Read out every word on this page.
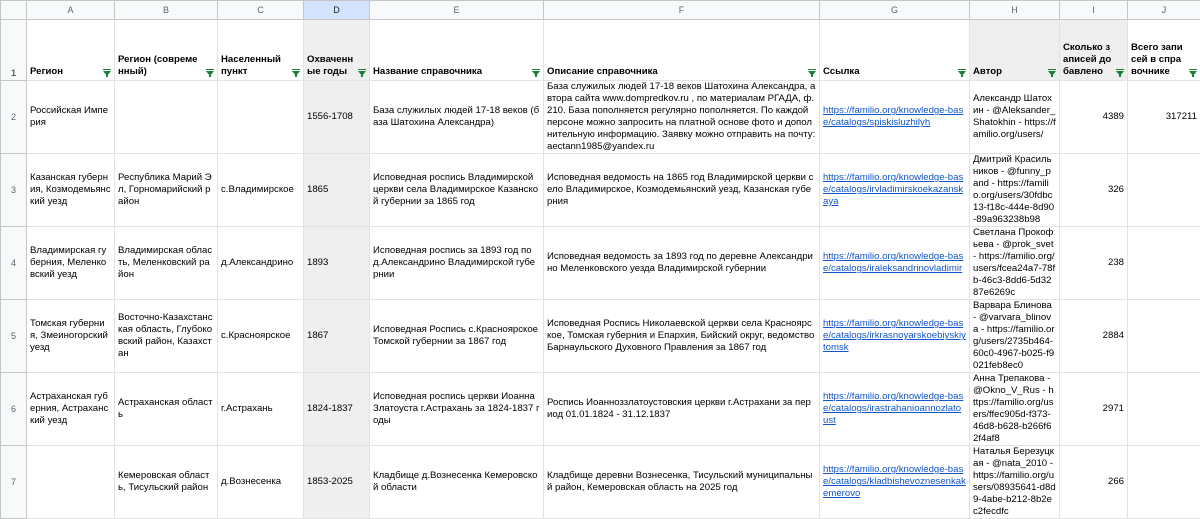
	A	B	C	D	E	F	G	H	I	J
1	Регион	Регион (современный)	Населенный пункт	Охваченные годы	Название справочника	Описание справочника	Ссылка	Автор	Сколько записей добавлено	Всего записей в справочнике

2	Российская Империя			1556-1708	База служилых людей 17-18 веков (база Шатохина Александра)	База служилых людей 17-18 веков Шатохина Александра, автора сайта www.dompredkov.ru , по материалам РГАДА, ф.210. База пополняется регулярно пополняется. По каждой персоне можно запросить на платной основе фото и дополнительную информацию. Заявку можно отправить на почту: aectann1985@yandex.ru	https://familio.org/knowledge-base/catalogs/spiskisluzhilyh	Александр Шатохин - @Aleksander_Shatokhin - https://familio.org/users/	4389	317211
3	Казанская губерния, Козмодемьянский уезд	Республика Марий Эл, Горномарийский район	с.Владимирское	1865	Исповедная роспись Владимирской церкви села Владимирское Казанской губернии за 1865 год	Исповедная ведомость на 1865 год Владимирской церкви село Владимирское, Козмодемьянский уезд, Казанская губерния	https://familio.org/knowledge-base/catalogs/irvladimirskoekazanskaya	Дмитрий Красильников - @funny_pand - https://familio.org/users/30fdbc13-f18c-444e-8d90-89a963238b98	326	
4	Владимирская губерния, Меленковский уезд	Владимирская область, Меленковский район	д.Александрино	1893	Исповедная роспись за 1893 год по д.Александрино Владимирской губернии	Исповедная ведомость за 1893 год по деревне Александрино Меленковского уезда Владимирской губернии	https://familio.org/knowledge-base/catalogs/iraleksandrinovladimir	Светлана Прокофьева - @prok_svet - https://familio.org/users/fcea24a7-78fb-46c3-8dd6-5d3287e6269c	238	
5	Томская губерния, Змеиногорский уезд	Восточно-Казахстанская область, Глубоковский район, Казахстан	с.Красноярское	1867	Исповедная Роспись с.Красноярское Томской губернии за 1867 год	Исповедная Роспись Николаевской церкви села Красноярское, Томская губерния и Епархия, Бийский округ, ведомство Барнаульского Духовного Правления за 1867 год	https://familio.org/knowledge-base/catalogs/irkrasnoyarskoebiyskiytomsk	Варвара Блинова - @varvara_blinova - https://familio.org/users/2735b464-60c0-4967-b025-f9021feb8ec0	2884	
6	Астраханская губерния, Астраханский уезд	Астраханская область	г.Астрахань	1824-1837	Исповедная роспись церкви Иоанна Златоуста г.Астрахань за 1824-1837 годы	Роспись Иоанноззлатоустовския церкви г.Астрахани за период 01.01.1824 - 31.12.1837	https://familio.org/knowledge-base/catalogs/irastrahanioannozlatoust	Анна Трепакова - @Okno_V_Rus - https://familio.org/users/ffec905d-f373-46d8-b628-b266f62f4af8	2971	
7		Кемеровская область, Тисульский район	д.Вознесенка	1853-2025	Кладбище д.Вознесенка Кемеровской области	Кладбище деревни Вознесенка, Тисульский муниципальный район, Кемеровская область на 2025 год	https://familio.org/knowledge-base/catalogs/kladbishevoznesenkakemerovo	Наталья Березуцкая - @nata_2010 - https://familio.org/users/08935641-d8d9-4abe-b212-8b2ec2fecdfc	266	
